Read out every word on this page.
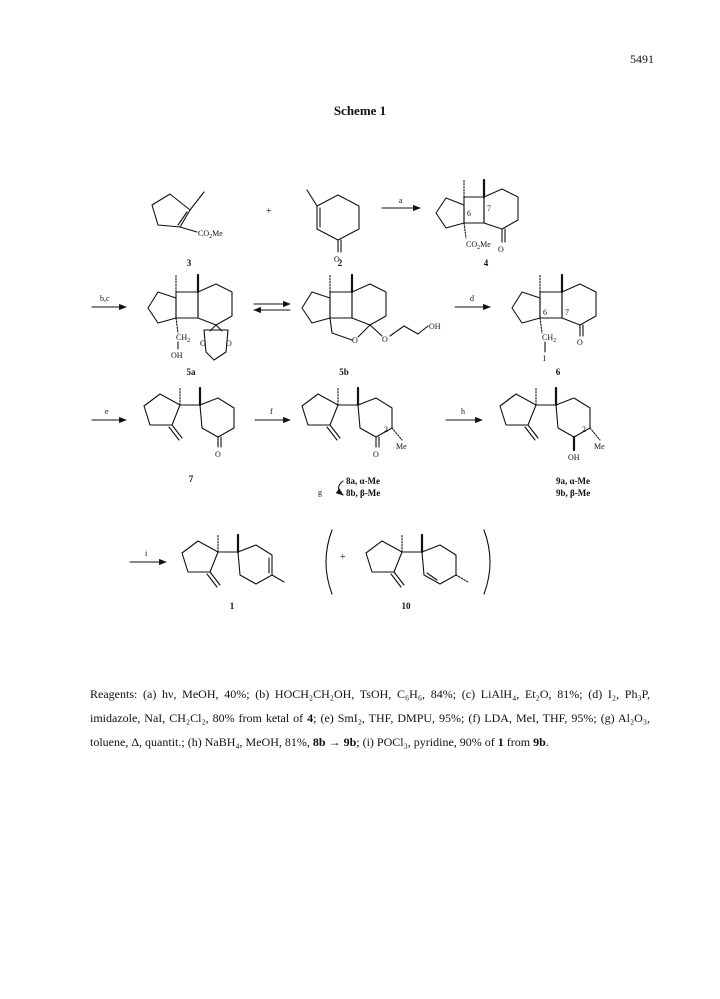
5491
Scheme 1
$CO_2Me$
3
+
O
2
a
6
7
$CO_2Me$
O
4
b,c
$CH_2$
OH
O	O
5a
O	O
OH
5b
d
6 7
$CH_2$
I
O
6
e
O
7
f
2
Me
O
8a, α-Me
8b, β-Me
g
h
2
Me
OH
9a, α-Me
9b, β-Me
i
1
+
10
Reagents: (a) hν, MeOH, 40%; (b) HOCH₂CH₂OH, TsOH, C₆H₆, 84%; (c) LiAlH₄, Et₂O, 81%; (d) I₂, Ph₃P, imidazole, NaI, CH₂Cl₂, 80% from ketal of 4; (e) SmI₂, THF, DMPU, 95%; (f) LDA, MeI, THF, 95%; (g) Al₂O₃, toluene, Δ, quantit.; (h) NaBH₄, MeOH, 81%, 8b → 9b; (i) POCl₃, pyridine, 90% of 1 from 9b.
